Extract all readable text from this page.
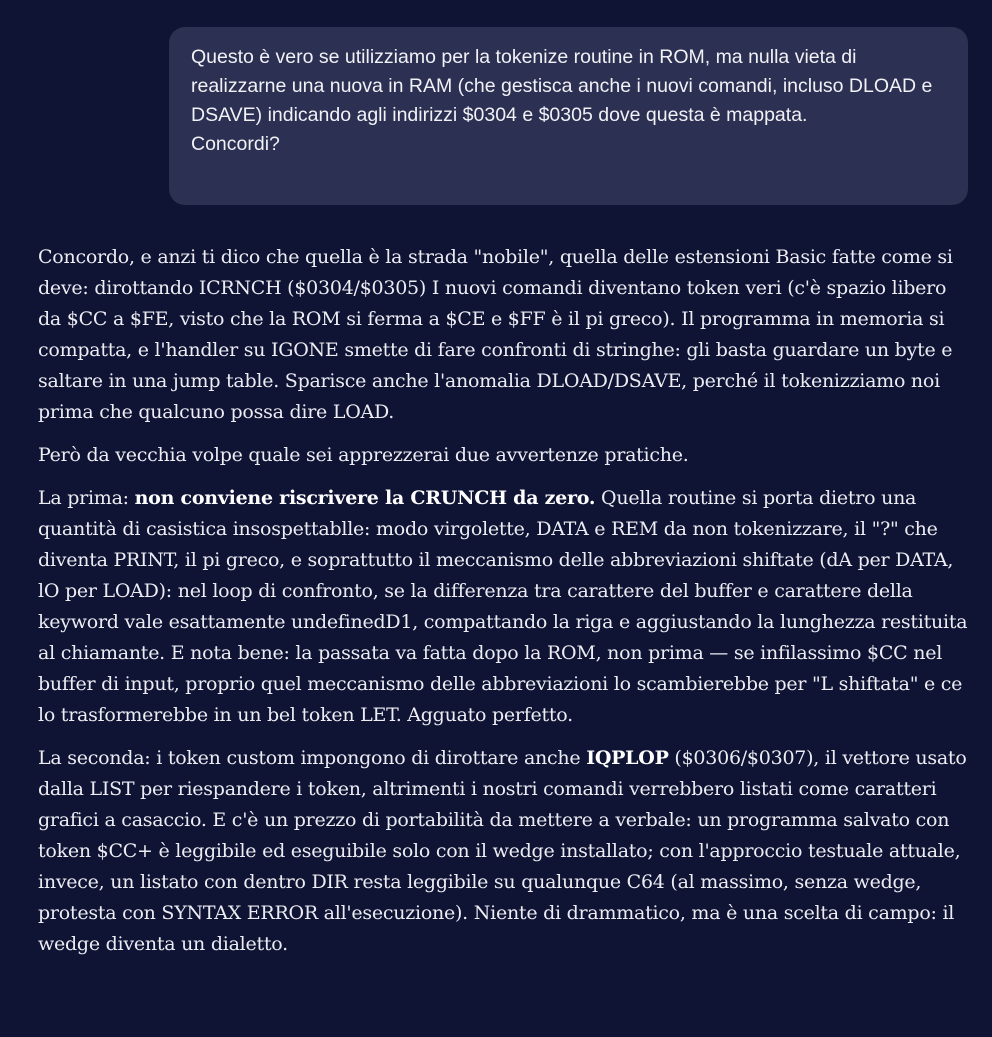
Questo è vero se utilizziamo per la tokenize routine in ROM, ma nulla vieta di realizzarne una nuova in RAM (che gestisca anche i nuovi comandi, incluso DLOAD e DSAVE) indicando agli indirizzi $0304 e $0305 dove questa è mappata.

Concordi?

Concordo, e anzi ti dico che quella è la strada "nobile", quella delle estensioni Basic fatte come si deve: dirottando ICRNCH ($0304/$0305) I nuovi comandi diventano token veri (c'è spazio libero da $CC a $FE, visto che la ROM si ferma a $CE e $FF è il pi greco). Il programma in memoria si compatta, e l'handler su IGONE smette di fare confronti di stringhe: gli basta guardare un byte e saltare in una jump table. Sparisce anche l'anomalia DLOAD/DSAVE, perché il tokenizziamo noi prima che qualcuno possa dire LOAD.

Però da vecchia volpe quale sei apprezzerai due avvertenze pratiche.

La prima: non conviene riscrivere la CRUNCH da zero. Quella routine si porta dietro una quantità di casistica insospettablle: modo virgolette, DATA e REM da non tokenizzare, il "?" che diventa PRINT, il pi greco, e soprattutto il meccanismo delle abbreviazioni shiftate (dA per DATA, lO per LOAD): nel loop di confronto, se la differenza tra carattere del buffer e carattere della keyword vale esattamente undefinedD1, compattando la riga e aggiustando la lunghezza restituita al chiamante. E nota bene: la passata va fatta dopo la ROM, non prima — se infilassimo $CC nel buffer di input, proprio quel meccanismo delle abbreviazioni lo scambierebbe per "L shiftata" e ce lo trasformerebbe in un bel token LET. Agguato perfetto.

La seconda: i token custom impongono di dirottare anche IQPLOP ($0306/$0307), il vettore usato dalla LIST per riespandere i token, altrimenti i nostri comandi verrebbero listati come caratteri grafici a casaccio. E c'è un prezzo di portabilità da mettere a verbale: un programma salvato con token $CC+ è leggibile ed eseguibile solo con il wedge installato; con l'approccio testuale attuale, invece, un listato con dentro DIR resta leggibile su qualunque C64 (al massimo, senza wedge, protesta con SYNTAX ERROR all'esecuzione). Niente di drammatico, ma è una scelta di campo: il wedge diventa un dialetto.
